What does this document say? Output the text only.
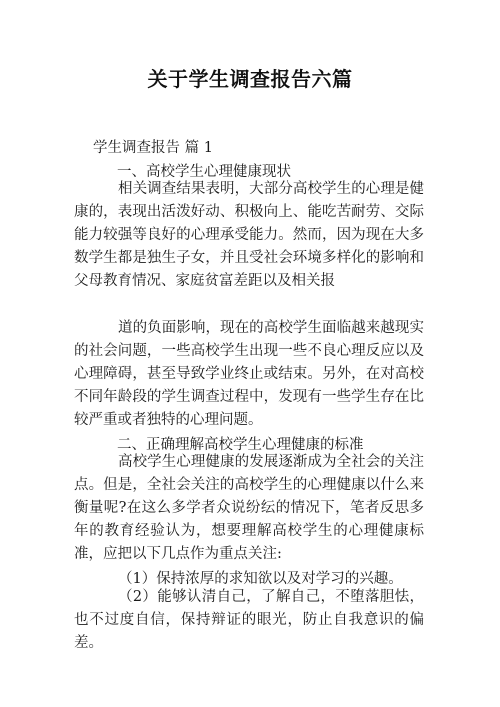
关于学生调查报告六篇
学生调查报告 篇 1
一、高校学生心理健康现状

相关调查结果表明，大部分高校学生的心理是健康的，表现出活泼好动、积极向上、能吃苦耐劳、交际能力较强等良好的心理承受能力。然而，因为现在大多数学生都是独生子女，并且受社会环境多样化的影响和父母教育情况、家庭贫富差距以及相关报

道的负面影响，现在的高校学生面临越来越现实的社会问题，一些高校学生出现一些不良心理反应以及心理障碍，甚至导致学业终止或结束。另外，在对高校不同年龄段的学生调查过程中，发现有一些学生存在比较严重或者独特的心理问题。

二、正确理解高校学生心理健康的标准

高校学生心理健康的发展逐渐成为全社会的关注点。但是，全社会关注的高校学生的心理健康以什么来衡量呢?在这么多学者众说纷纭的情况下，笔者反思多年的教育经验认为，想要理解高校学生的心理健康标准，应把以下几点作为重点关注:

（1）保持浓厚的求知欲以及对学习的兴趣。

（2）能够认清自己，了解自己，不堕落胆怯，也不过度自信，保持辩证的眼光，防止自我意识的偏差。
